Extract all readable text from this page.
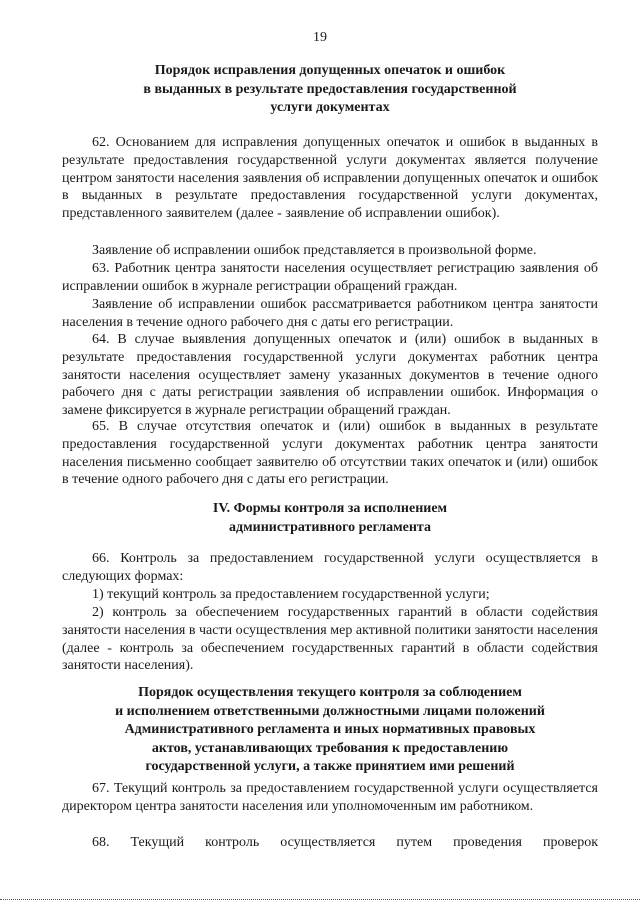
19
Порядок исправления допущенных опечаток и ошибок
в выданных в результате предоставления государственной
услуги документах

62. Основанием для исправления допущенных опечаток и ошибок в выданных в результате предоставления государственной услуги документах является получение центром занятости населения заявления об исправлении допущенных опечаток и ошибок в выданных в результате предоставления государственной услуги документах, представленного заявителем (далее - заявление об исправлении ошибок).

Заявление об исправлении ошибок представляется в произвольной форме.

63. Работник центра занятости населения осуществляет регистрацию заявления об исправлении ошибок в журнале регистрации обращений граждан.

Заявление об исправлении ошибок рассматривается работником центра занятости населения в течение одного рабочего дня с даты его регистрации.

64. В случае выявления допущенных опечаток и (или) ошибок в выданных в результате предоставления государственной услуги документах работник центра занятости населения осуществляет замену указанных документов в течение одного рабочего дня с даты регистрации заявления об исправлении ошибок. Информация о замене фиксируется в журнале регистрации обращений граждан.

65. В случае отсутствия опечаток и (или) ошибок в выданных в результате предоставления государственной услуги документах работник центра занятости населения письменно сообщает заявителю об отсутствии таких опечаток и (или) ошибок в течение одного рабочего дня с даты его регистрации.

IV. Формы контроля за исполнением
административного регламента

66. Контроль за предоставлением государственной услуги осуществляется в следующих формах:

1) текущий контроль за предоставлением государственной услуги;

2) контроль за обеспечением государственных гарантий в области содействия занятости населения в части осуществления мер активной политики занятости населения (далее - контроль за обеспечением государственных гарантий в области содействия занятости населения).

Порядок осуществления текущего контроля за соблюдением
и исполнением ответственными должностными лицами положений
Административного регламента и иных нормативных правовых
актов, устанавливающих требования к предоставлению
государственной услуги, а также принятием ими решений

67. Текущий контроль за предоставлением государственной услуги осуществляется директором центра занятости населения или уполномоченным им работником.

68. Текущий контроль осуществляется путем проведения проверок
